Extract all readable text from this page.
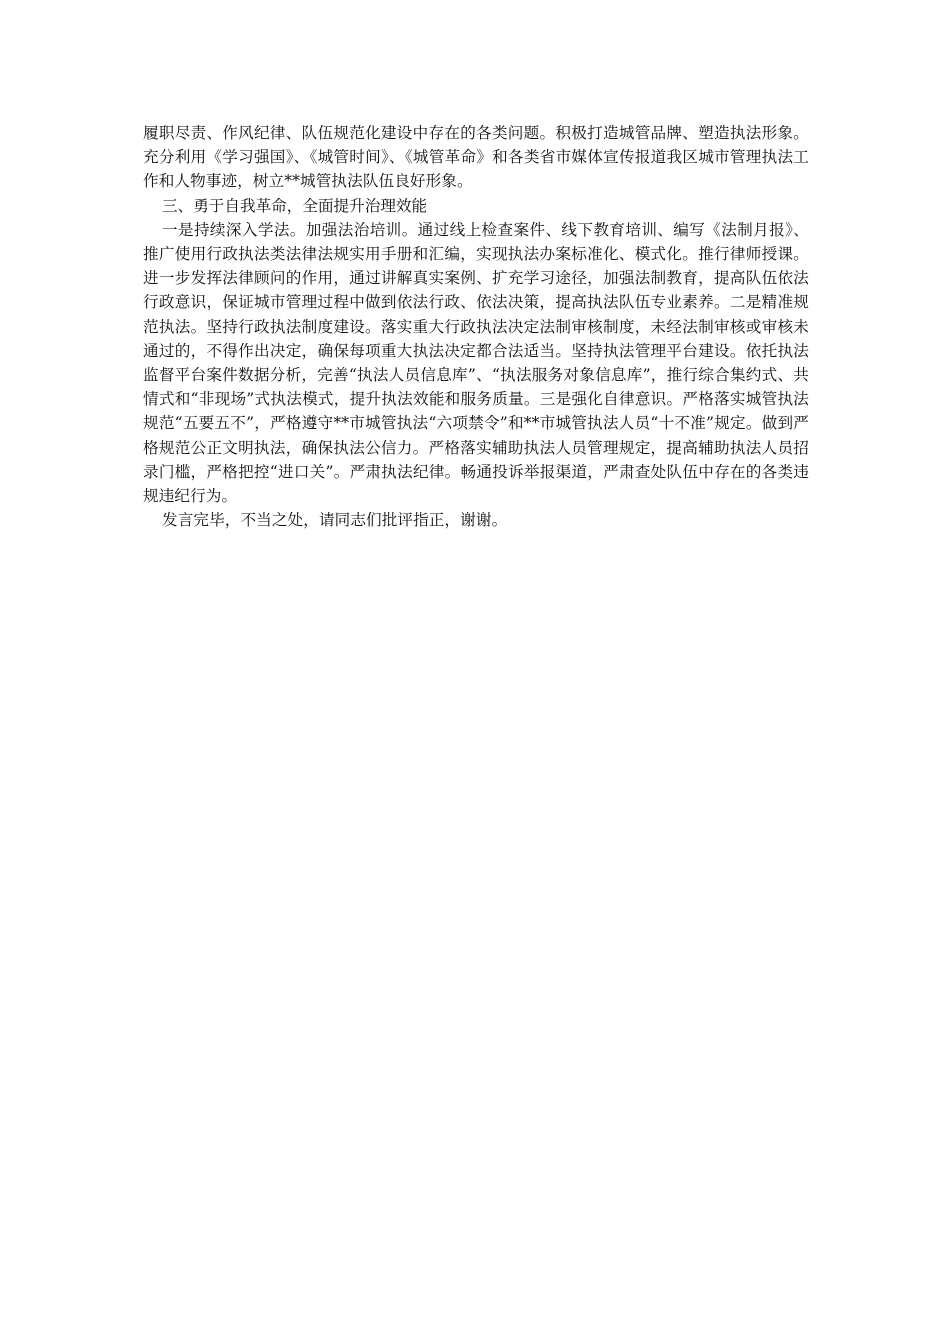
履职尽责、作风纪律、队伍规范化建设中存在的各类问题。积极打造城管品牌、塑造执法形象。充分利用《学习强国》、《城管时间》、《城管革命》和各类省市媒体宣传报道我区城市管理执法工作和人物事迹，树立**城管执法队伍良好形象。

三、勇于自我革命，全面提升治理效能

一是持续深入学法。加强法治培训。通过线上检查案件、线下教育培训、编写《法制月报》、推广使用行政执法类法律法规实用手册和汇编，实现执法办案标准化、模式化。推行律师授课。进一步发挥法律顾问的作用，通过讲解真实案例、扩充学习途径，加强法制教育，提高队伍依法行政意识，保证城市管理过程中做到依法行政、依法决策，提高执法队伍专业素养。二是精准规范执法。坚持行政执法制度建设。落实重大行政执法决定法制审核制度，未经法制审核或审核未通过的，不得作出决定，确保每项重大执法决定都合法适当。坚持执法管理平台建设。依托执法监督平台案件数据分析，完善“执法人员信息库”、“执法服务对象信息库”，推行综合集约式、共情式和“非现场”式执法模式，提升执法效能和服务质量。三是强化自律意识。严格落实城管执法规范“五要五不”，严格遵守**市城管执法“六项禁令”和**市城管执法人员“十不准”规定。做到严格规范公正文明执法，确保执法公信力。严格落实辅助执法人员管理规定，提高辅助执法人员招录门槛，严格把控“进口关”。严肃执法纪律。畅通投诉举报渠道，严肃查处队伍中存在的各类违规违纪行为。

发言完毕，不当之处，请同志们批评指正，谢谢。
